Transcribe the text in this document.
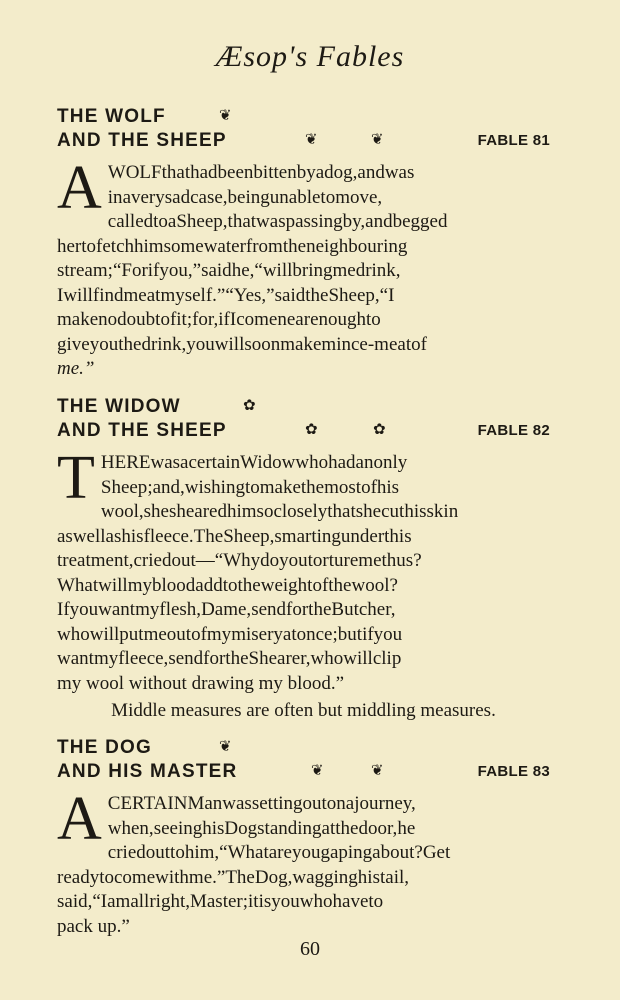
Æsop's Fables
THE WOLF	❦
AND THE SHEEP	❦	❦	FABLE 81
A WOLFthathadbeenbittenbyadog,andwas
inaverysadcase,beingunabletomove,
calledtoaSheep,thatwaspassingby,andbegged
hertofetchhimsomewaterfromtheneighbouring
stream;“Forifyou,”saidhe,“willbringmedrink,
Iwillfindmeatmyself.”“Yes,”saidtheSheep,“I
makenodoubtofit;for,ifIcomenearenoughto
giveyouthedrink,youwillsoonmakemince-meatof
me.”
THE WIDOW	✿
AND THE SHEEP	✿	✿	FABLE 82
T HEREwasacertainWidowwhohadanonly
Sheep;and,wishingtomakethemostofhis
wool,sheshearedhimsocloselythatshecuthisskin
aswellashisfleece.TheSheep,smartingunderthis
treatment,criedout—“Whydoyoutorturemethus?
Whatwillmybloodaddtotheweightofthewool?
Ifyouwantmyflesh,Dame,sendfortheButcher,
whowillputmeoutofmymiseryatonce;butifyou
wantmyfleece,sendfortheShearer,whowillclip
my wool without drawing my blood.”
Middle measures are often but middling measures.
THE DOG	❦
AND HIS MASTER	❦	❦	FABLE 83
A CERTAINManwassettingoutonajourney,
when,seeinghisDogstandingatthedoor,he
criedouttohim,“Whatareyougapingabout?Get
readytocomewithme.”TheDog,wagginghistail,
said,“Iamallright,Master;itisyouwhohaveto
pack up.”
60
